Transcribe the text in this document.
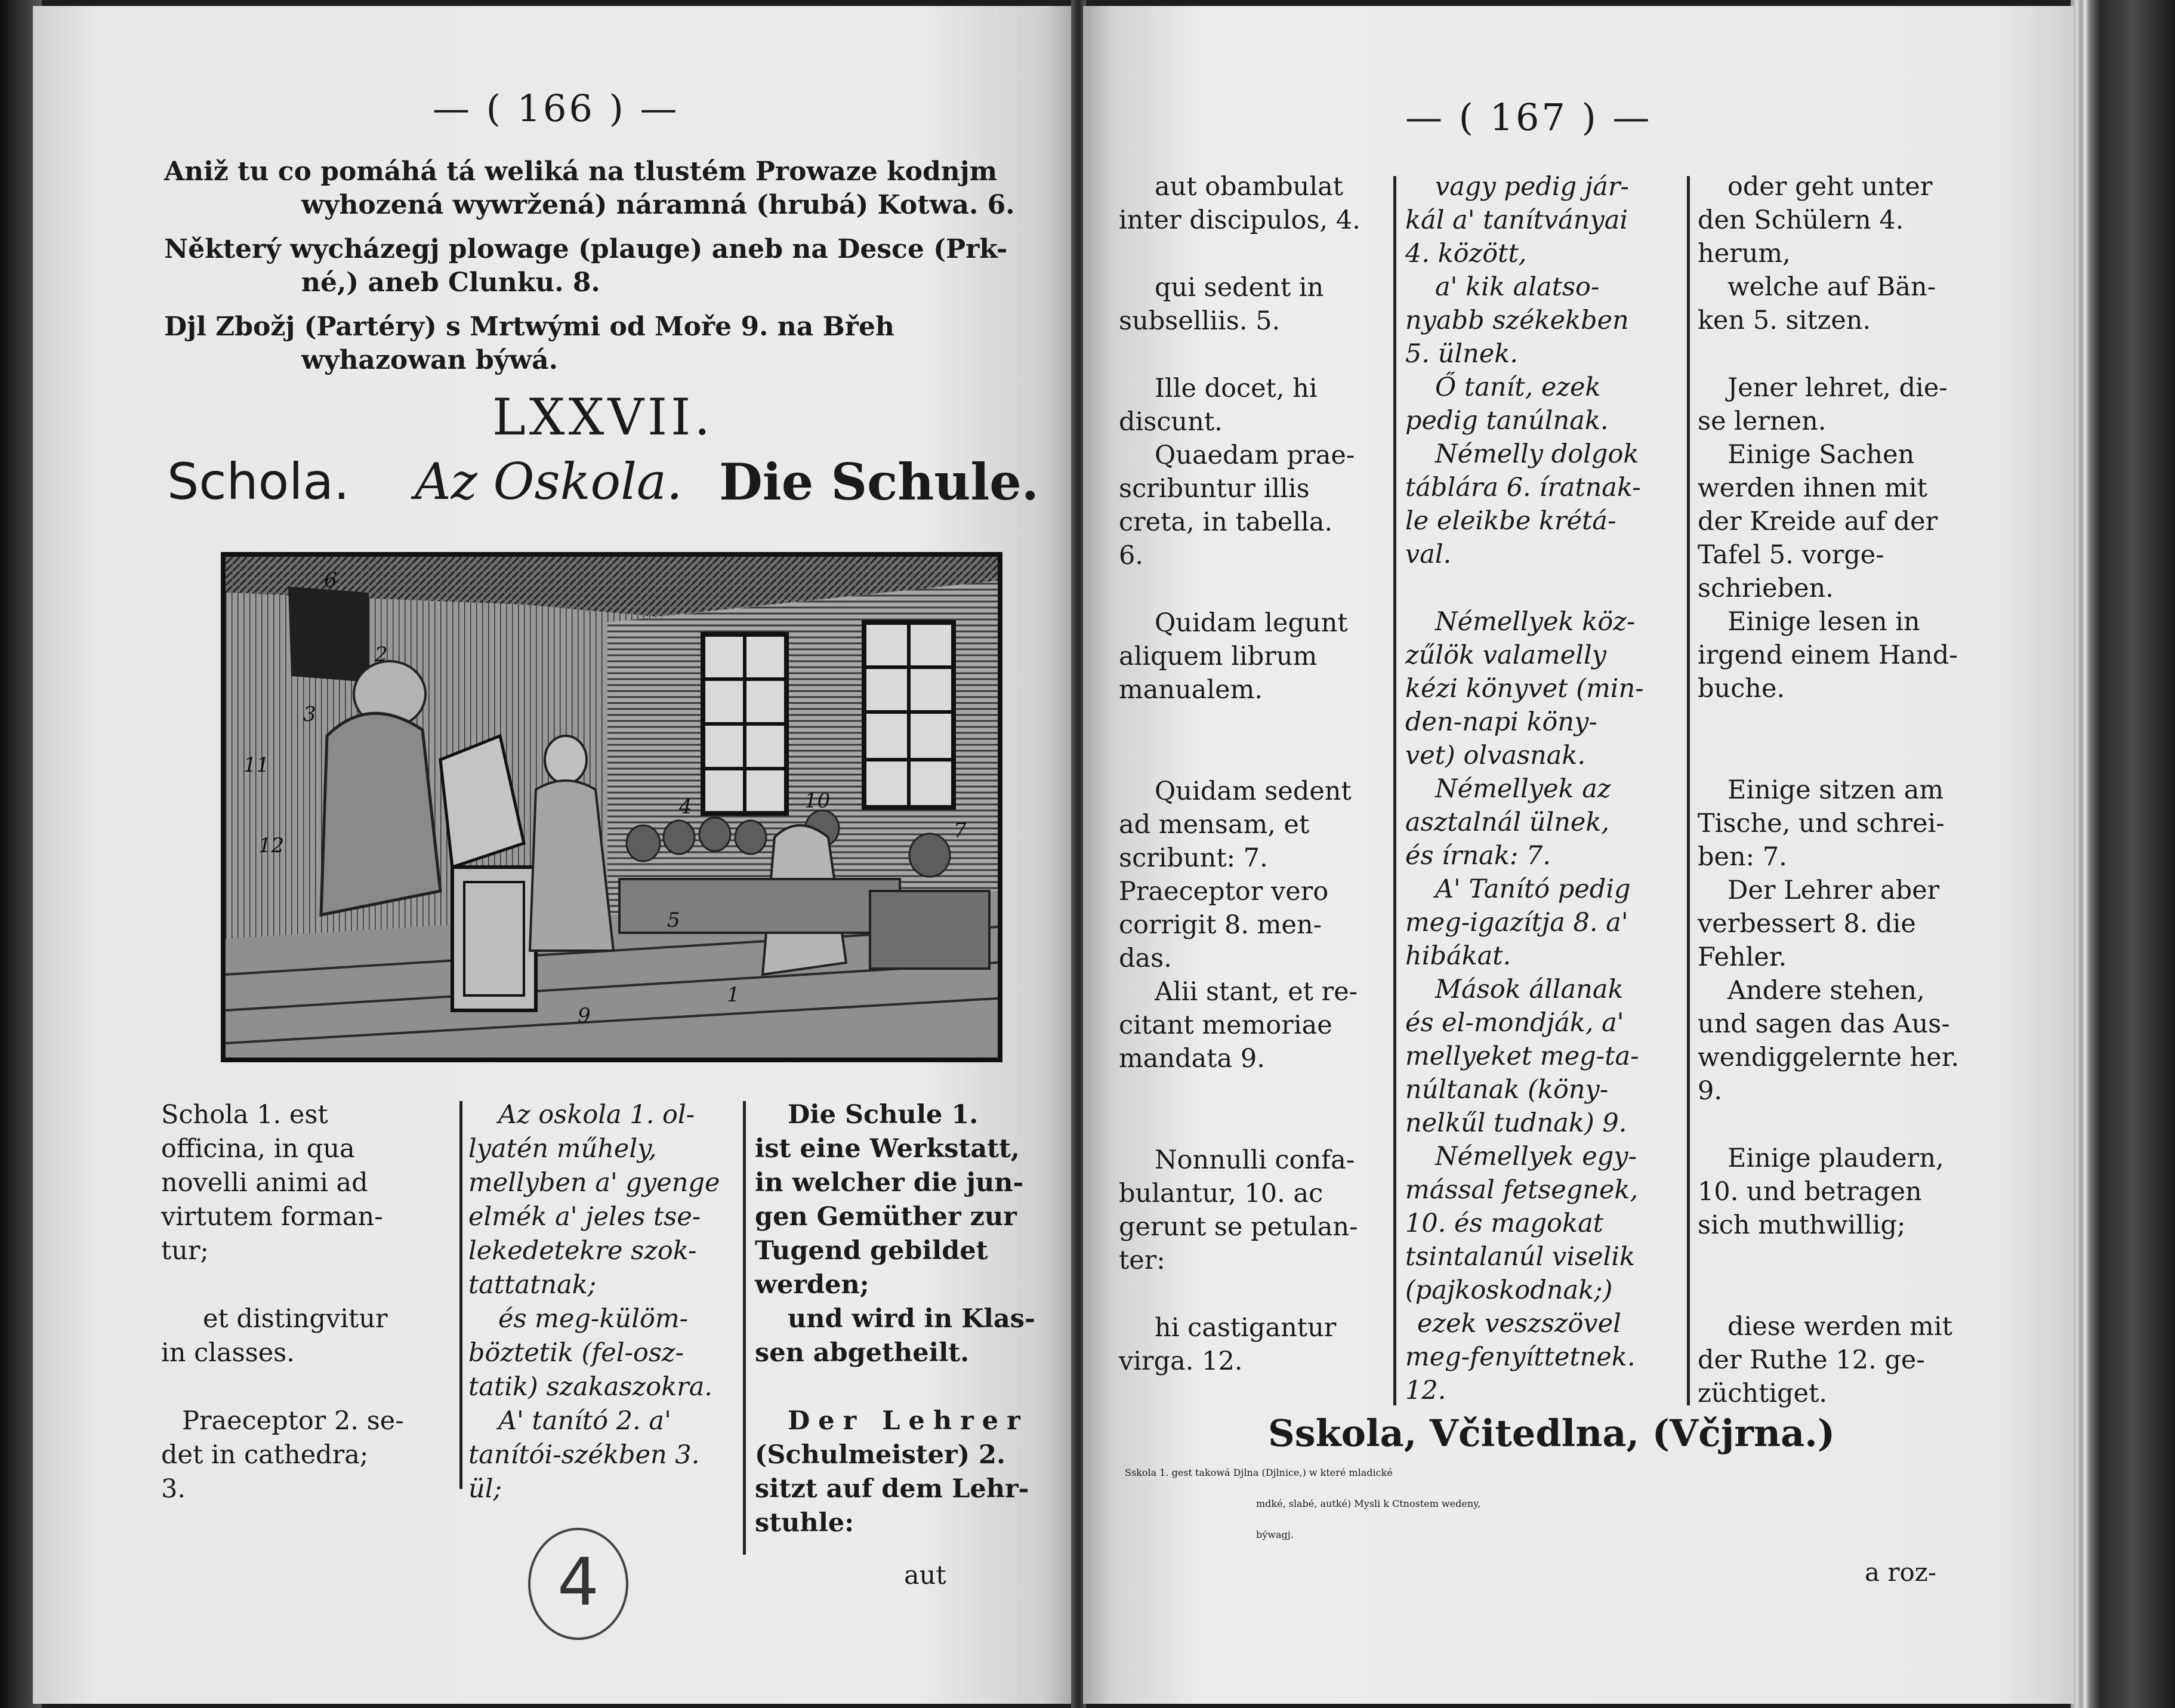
— ( 166 ) —
Aniž tu co pomáhá tá weliká na tlustém Prowaze kodnjm
wyhozená wywržená) náramná (hrubá) Kotwa. 6.
Některý wycházegj plowage (plauge) aneb na Desce (Prk-
né,) aneb Clunku. 8.
Djl Zbožj (Partéry) s Mrtwými od Moře 9. na Břeh
wyhazowan býwá.
LXXVII.
Schola. Az Oskola. Die Schule.
6
2
3
11
12
4	10
7
5
9
1

Schola 1. est

officina, in qua

novelli animi ad

virtutem forman-

tur;

et distingvitur

in classes.

Praeceptor 2. se-

det in cathedra;

3.

Az oskola 1. ol-

lyatén műhely,

mellyben a' gyenge

elmék a' jeles tse-

lekedetekre szok-

tattatnak;

és meg-külöm-

böztetik (fel-osz-

tatik) szakaszokra.

A' tanító 2. a'

tanítói-székben 3.

ül;

Die Schule 1.

ist eine Werkstatt,

in welcher die jun-

gen Gemüther zur

Tugend gebildet

werden;

und wird in Klas-

sen abgetheilt.

Der Lehrer

(Schulmeister) 2.

sitzt auf dem Lehr-

stuhle:

aut
4
— ( 167 ) —

aut obambulat

inter discipulos, 4.

qui sedent in

subselliis. 5.

Ille docet, hi

discunt.

Quaedam prae-

scribuntur illis

creta, in tabella.

6.

Quidam legunt

aliquem librum

manualem.

Quidam sedent

ad mensam, et

scribunt: 7.

Praeceptor vero

corrigit 8. men-

das.

Alii stant, et re-

citant memoriae

mandata 9.

Nonnulli confa-

bulantur, 10. ac

gerunt se petulan-

ter:

hi castigantur

virga. 12.

vagy pedig jár-

kál a' tanítványai

4. között,

a' kik alatso-

nyabb székekben

5. ülnek.

Ő tanít, ezek

pedig tanúlnak.

Némelly dolgok

táblára 6. íratnak-

le eleikbe krétá-

val.

Némellyek köz-

zűlök valamelly

kézi könyvet (min-

den-napi köny-

vet) olvasnak.

Némellyek az

asztalnál ülnek,

és írnak: 7.

A' Tanító pedig

meg-igazítja 8. a'

hibákat.

Mások állanak

és el-mondják, a'

mellyeket meg-ta-

núltanak (köny-

nelkűl tudnak) 9.

Némellyek egy-

mással fetsegnek,

10. és magokat

tsintalanúl viselik

(pajkoskodnak;)

ezek veszszövel

meg-fenyíttetnek.

12.

oder geht unter

den Schülern 4.

herum,

welche auf Bän-

ken 5. sitzen.

Jener lehret, die-

se lernen.

Einige Sachen

werden ihnen mit

der Kreide auf der

Tafel 5. vorge-

schrieben.

Einige lesen in

irgend einem Hand-

buche.

Einige sitzen am

Tische, und schrei-

ben: 7.

Der Lehrer aber

verbessert 8. die

Fehler.

Andere stehen,

und sagen das Aus-

wendiggelernte her.

9.

Einige plaudern,

10. und betragen

sich muthwillig;

diese werden mit

der Ruthe 12. ge-

züchtiget.

Sskola, Včitedlna, (Včjrna.)
Sskola 1. gest takowá Djlna (Djlnice,) w které mladické
mdké, slabé, autké) Mysli k Ctnostem wedeny,
býwagj.
a roz-
